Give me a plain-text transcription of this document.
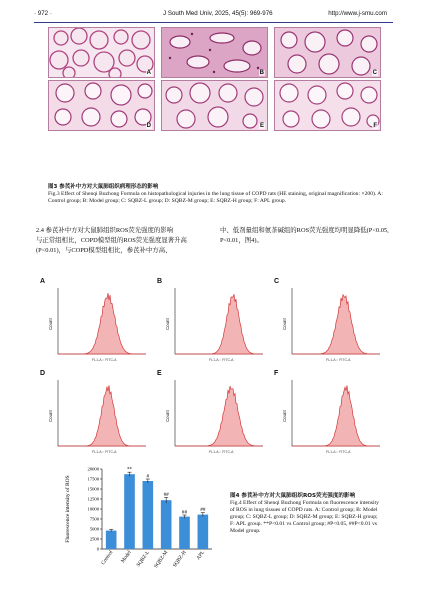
· 972 ·	J South Med Univ, 2025, 45(5): 969-976	http://www.j-smu.com
A	B	C
D	E	F
图3 参芪补中方对大鼠肺组织病理形态的影响
Fig.3 Effect of Shenqi Buzhong Formula on histopathological injuries in the lung tissue of COPD rats (HE staining, original magnification: ×200). A: Control group; B: Model group; C: SQBZ-L group; D: SQBZ-M group; E: SQBZ-H group; F: APL group.
2.4 参芪补中方对大鼠肺组织ROS荧光强度的影响
与正常组相比，COPD模型组的ROS荧光强度显著升高(P<0.01)，与COPD模型组相比，参芪补中方高、
中、低剂量组和氨茶碱组的ROS荧光强度均明显降低(P<0.05, P<0.01，图4)。
A
Count
FL1-A :: FITC-A
B
Count
FL1-A :: FITC-A
C
Count
FL1-A :: FITC-A
D
Count
FL1-A :: FITC-A
E
Count
FL1-A :: FITC-A
F
Count
FL1-A :: FITC-A
0
2500
5000
7500
10000
12500
15000
17500
20000
Fluorescence intensity of ROS
Control
**
Model
#
SQBZ-L
##
SQBZ-M
##
SQBZ-H
##
APL
图4 参芪补中方对大鼠肺组织ROS荧光强度的影响
Fig.4 Effect of Shenqi Buzhong Formula on fluorescence intensity of ROS in lung tissues of COPD rats. A: Control group; B: Model group; C: SQBZ-L group; D: SQBZ-M group; E: SQBZ-H group; F: APL group. **P<0.01 vs Control group; #P<0.05, ##P<0.01 vs Model group.
